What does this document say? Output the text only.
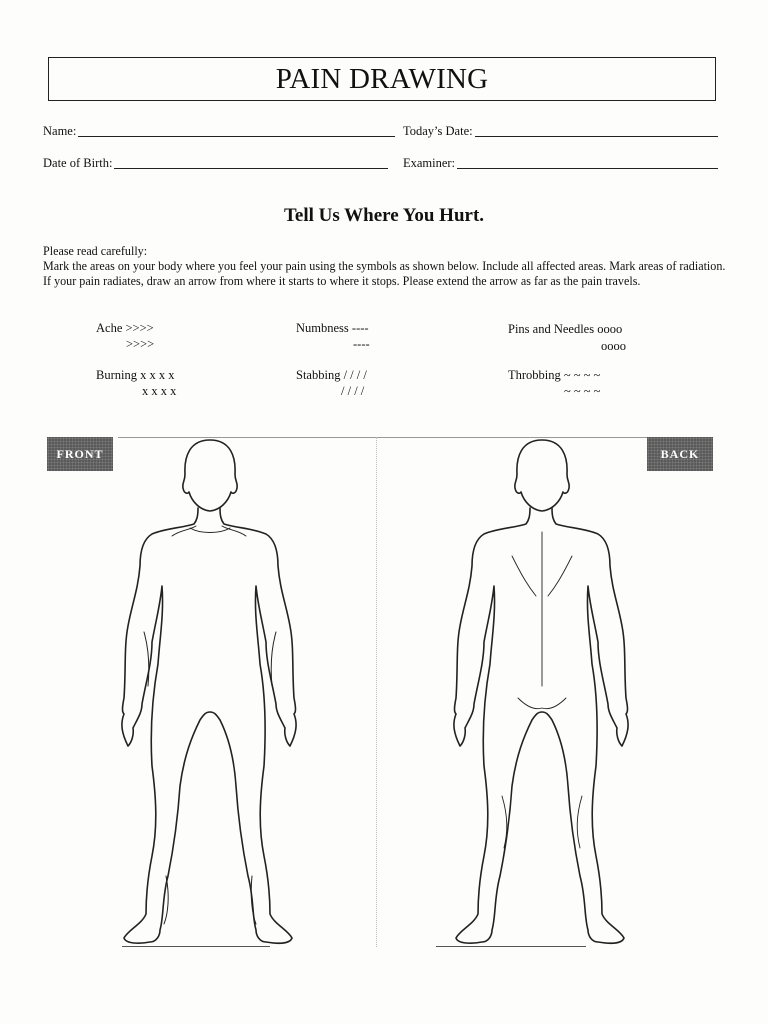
PAIN DRAWING
Name:	Today’s Date:
Date of Birth:	Examiner:
Tell Us Where You Hurt.
Please read carefully:
Mark the areas on your body where you feel your pain using the symbols as shown below. Include all affected areas. Mark areas of radiation. If your pain radiates, draw an arrow from where it starts to where it stops. Please extend the arrow as far as the pain travels.
Ache >>>>
>>>>
Numbness ----
----
Pins and Needles oooo
oooo
Burning x x x x
x x x x
Stabbing / / / /
/ / / /
Throbbing ~ ~ ~ ~
~ ~ ~ ~
FRONT	BACK
